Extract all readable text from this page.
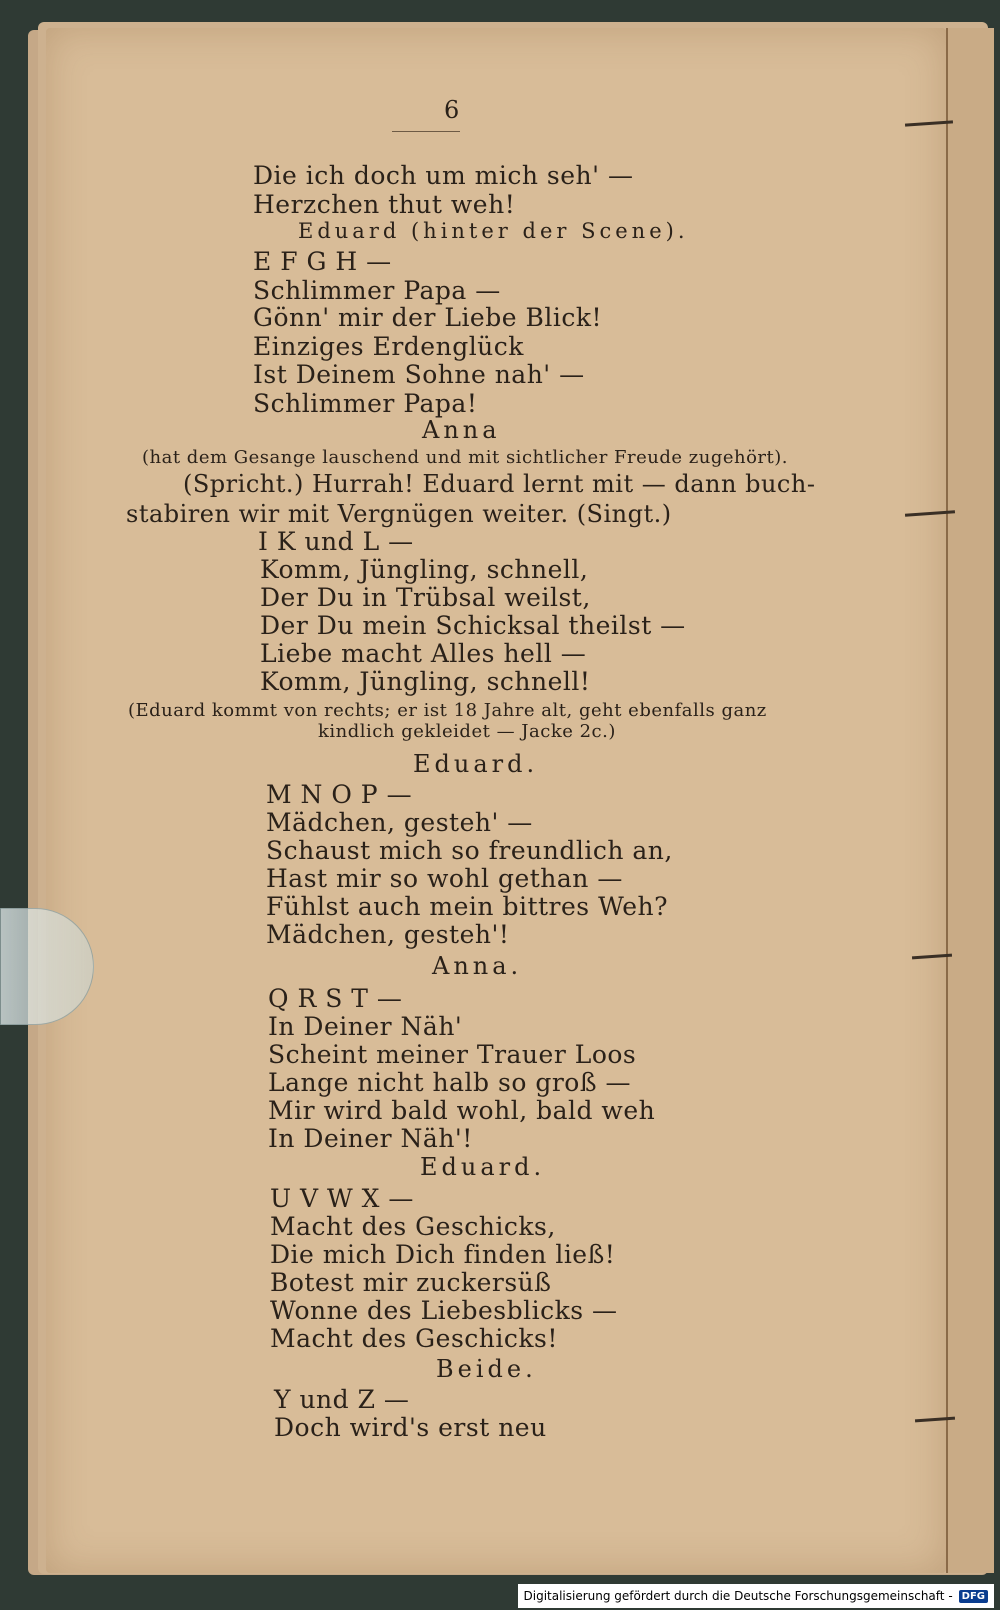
6
Die ich doch um mich seh' —
Herzchen thut weh!
Eduard (hinter der Scene).
E F G H —
Schlimmer Papa —
Gönn' mir der Liebe Blick!
Einziges Erdenglück
Ist Deinem Sohne nah' —
Schlimmer Papa!
Anna
(hat dem Gesange lauschend und mit sichtlicher Freude zugehört).
(Spricht.) Hurrah! Eduard lernt mit — dann buch-
stabiren wir mit Vergnügen weiter. (Singt.)
I K und L —
Komm, Jüngling, schnell,
Der Du in Trübsal weilst,
Der Du mein Schicksal theilst —
Liebe macht Alles hell —
Komm, Jüngling, schnell!
(Eduard kommt von rechts; er ist 18 Jahre alt, geht ebenfalls ganz
kindlich gekleidet — Jacke 2c.)
Eduard.
M N O P —
Mädchen, gesteh' —
Schaust mich so freundlich an,
Hast mir so wohl gethan —
Fühlst auch mein bittres Weh?
Mädchen, gesteh'!
Anna.
Q R S T —
In Deiner Näh'
Scheint meiner Trauer Loos
Lange nicht halb so groß —
Mir wird bald wohl, bald weh
In Deiner Näh'!
Eduard.
U V W X —
Macht des Geschicks,
Die mich Dich finden ließ!
Botest mir zuckersüß
Wonne des Liebesblicks —
Macht des Geschicks!
Beide.
Y und Z —
Doch wird's erst neu
Digitalisierung gefördert durch die Deutsche Forschungsgemeinschaft - DFG
